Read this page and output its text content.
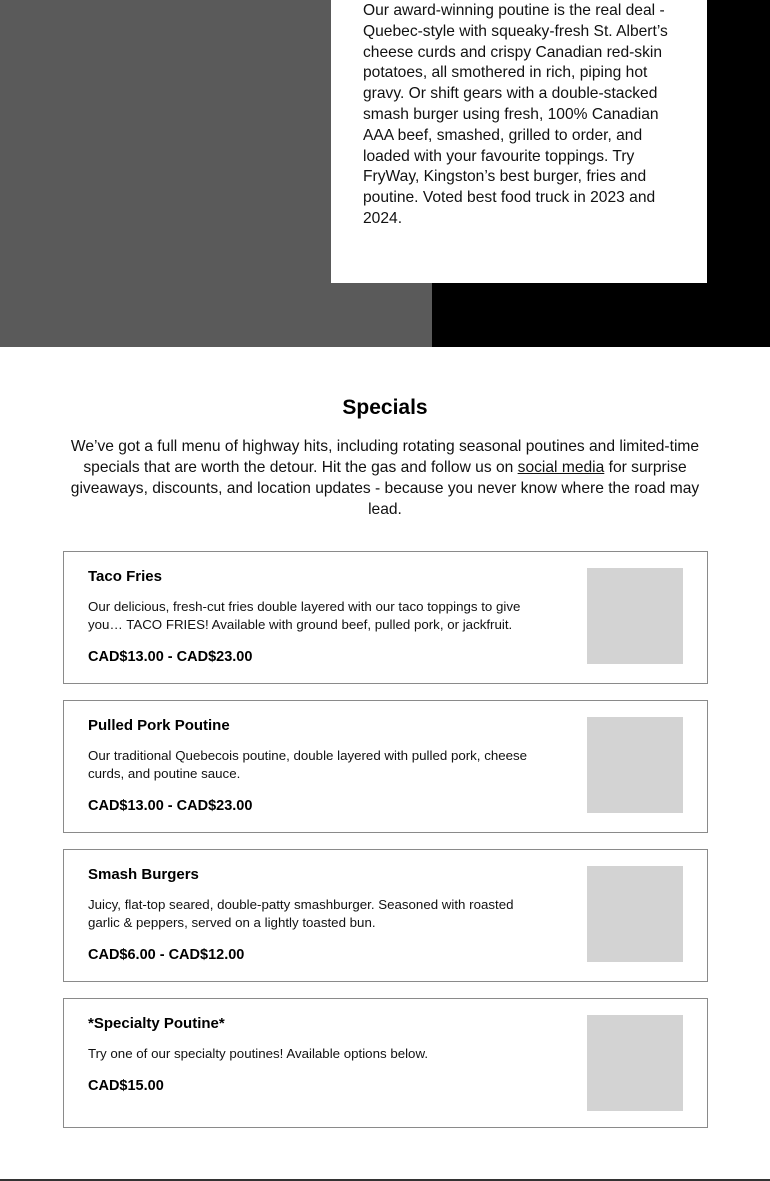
Our award-winning poutine is the real deal - Quebec-style with squeaky-fresh St. Albert’s cheese curds and crispy Canadian red-skin potatoes, all smothered in rich, piping hot gravy. Or shift gears with a double-stacked smash burger using fresh, 100% Canadian AAA beef, smashed, grilled to order, and loaded with your favourite toppings. Try FryWay, Kingston’s best burger, fries and poutine. Voted best food truck in 2023 and 2024.

Specials

We’ve got a full menu of highway hits, including rotating seasonal poutines and limited-time specials that are worth the detour. Hit the gas and follow us on social media for surprise giveaways, discounts, and location updates - because you never know where the road may lead.

Taco Fries

Our delicious, fresh-cut fries double layered with our taco toppings to give you… TACO FRIES! Available with ground beef, pulled pork, or jackfruit.

CAD$13.00 - CAD$23.00

Pulled Pork Poutine

Our traditional Quebecois poutine, double layered with pulled pork, cheese curds, and poutine sauce.

CAD$13.00 - CAD$23.00

Smash Burgers

Juicy, flat-top seared, double-patty smashburger. Seasoned with roasted garlic & peppers, served on a lightly toasted bun.

CAD$6.00 - CAD$12.00

*Specialty Poutine*

Try one of our specialty poutines! Available options below.

CAD$15.00
